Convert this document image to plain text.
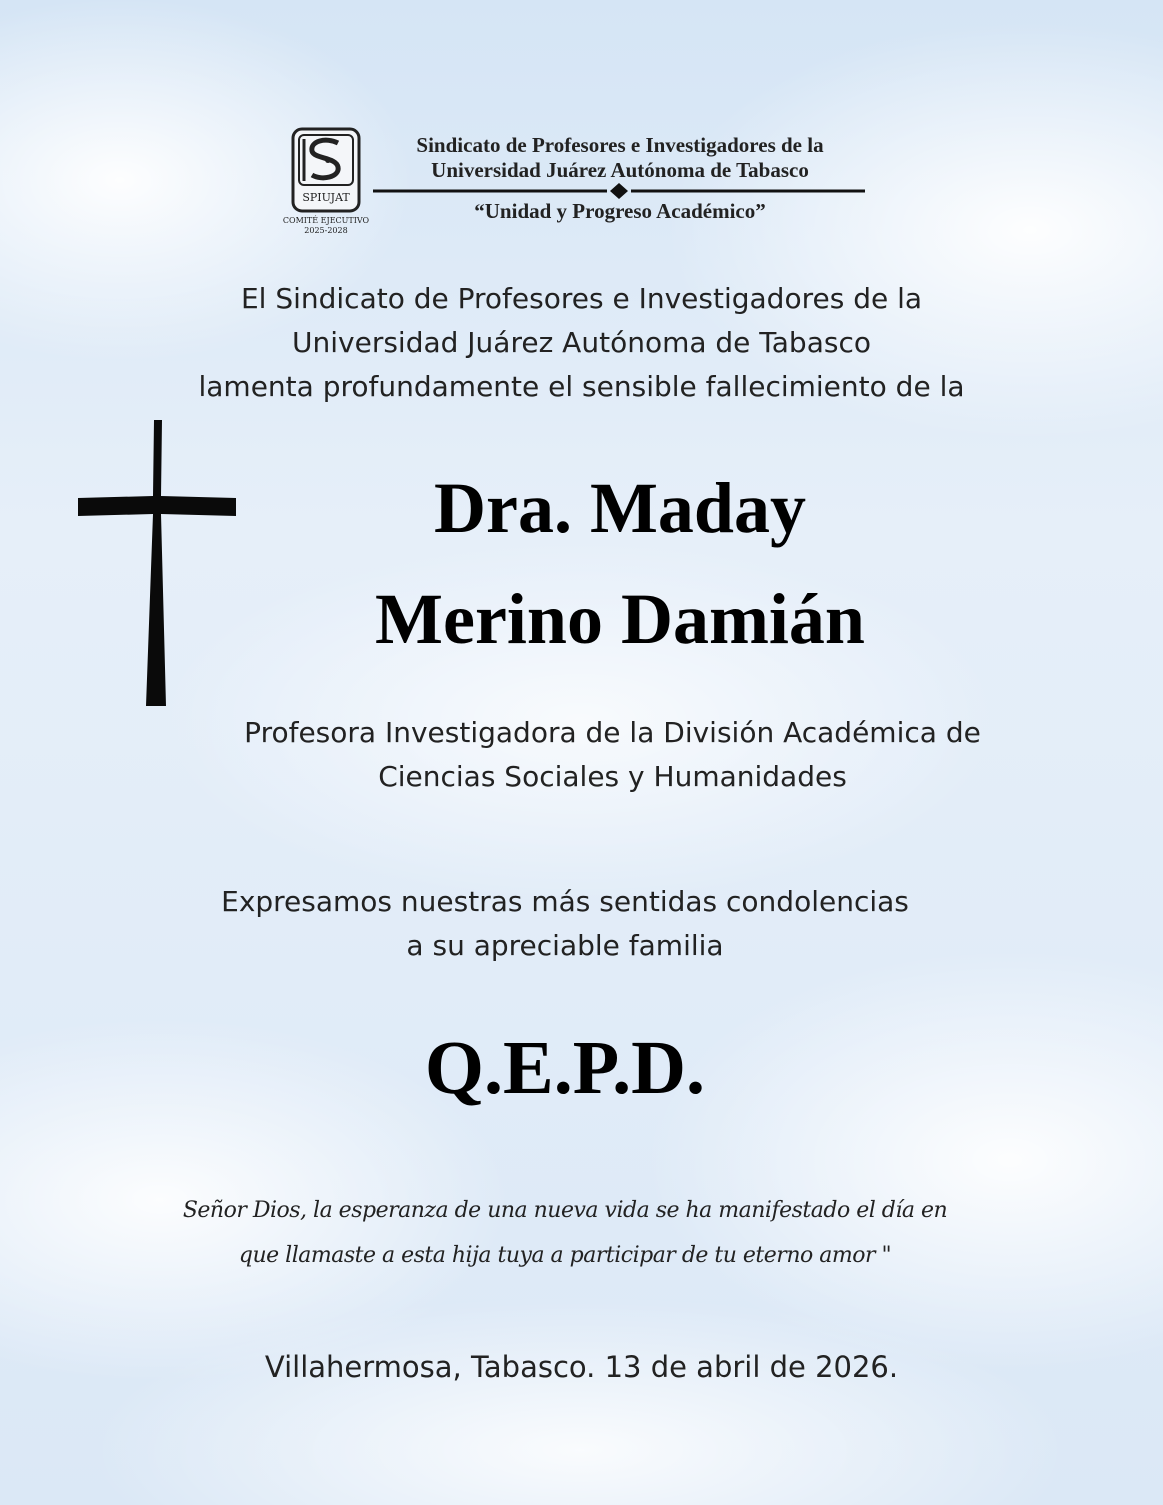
SPIUJAT
COMITÉ EJECUTIVO
2025-2028
Sindicato de Profesores e Investigadores de la
Universidad Juárez Autónoma de Tabasco
“Unidad y Progreso Académico”
El Sindicato de Profesores e Investigadores de la
Universidad Juárez Autónoma de Tabasco
lamenta profundamente el sensible fallecimiento de la
Dra. Maday
Merino Damián
Profesora Investigadora de la División Académica de
Ciencias Sociales y Humanidades
Expresamos nuestras más sentidas condolencias
a su apreciable familia
Q.E.P.D.
Señor Dios, la esperanza de una nueva vida se ha manifestado el día en
que llamaste a esta hija tuya a participar de tu eterno amor "
Villahermosa, Tabasco. 13 de abril de 2026.
